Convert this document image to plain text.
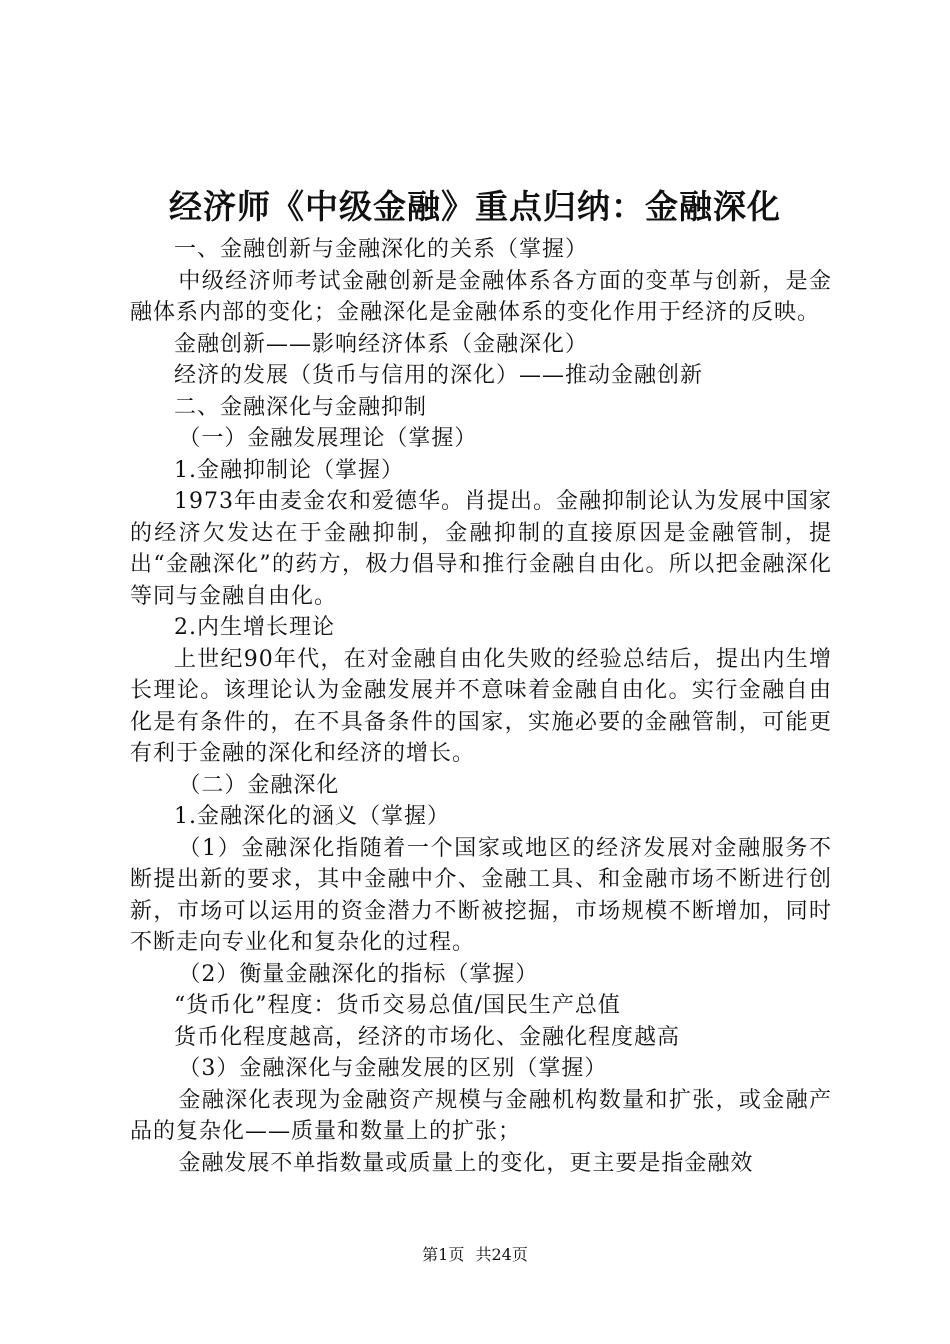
经济师《中级金融》重点归纳：金融深化

一、金融创新与金融深化的关系（掌握）

中级经济师考试金融创新是金融体系各方面的变革与创新，是金融体系内部的变化；金融深化是金融体系的变化作用于经济的反映。

金融创新——影响经济体系（金融深化）

经济的发展（货币与信用的深化）——推动金融创新

二、金融深化与金融抑制

（一）金融发展理论（掌握）

1.金融抑制论（掌握）

1973年由麦金农和爱德华。肖提出。金融抑制论认为发展中国家的经济欠发达在于金融抑制，金融抑制的直接原因是金融管制，提出“金融深化”的药方，极力倡导和推行金融自由化。所以把金融深化等同与金融自由化。

2.内生增长理论

上世纪90年代，在对金融自由化失败的经验总结后，提出内生增长理论。该理论认为金融发展并不意味着金融自由化。实行金融自由化是有条件的，在不具备条件的国家，实施必要的金融管制，可能更有利于金融的深化和经济的增长。

（二）金融深化

1.金融深化的涵义（掌握）

（1）金融深化指随着一个国家或地区的经济发展对金融服务不断提出新的要求，其中金融中介、金融工具、和金融市场不断进行创新，市场可以运用的资金潜力不断被挖掘，市场规模不断增加，同时不断走向专业化和复杂化的过程。

（2）衡量金融深化的指标（掌握）

“货币化”程度：货币交易总值/国民生产总值

货币化程度越高，经济的市场化、金融化程度越高

（3）金融深化与金融发展的区别（掌握）

金融深化表现为金融资产规模与金融机构数量和扩张，或金融产品的复杂化——质量和数量上的扩张；

金融发展不单指数量或质量上的变化，更主要是指金融效

第1页 共24页
